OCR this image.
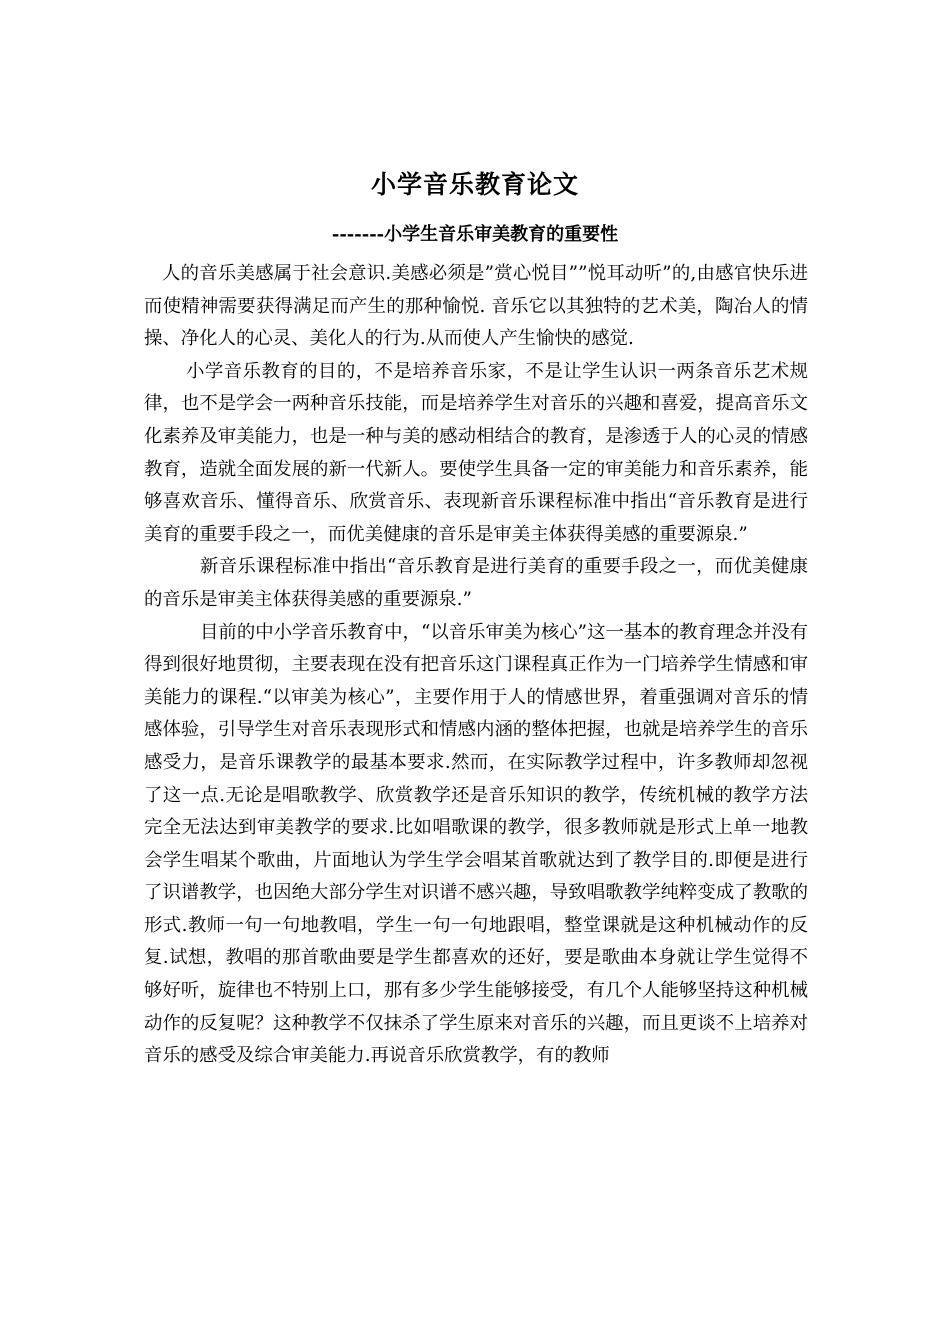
小学音乐教育论文
-------小学生音乐审美教育的重要性

人的音乐美感属于社会意识.美感必须是”赏心悦目””悦耳动听”的,由感官快乐进而使精神需要获得满足而产生的那种愉悦. 音乐它以其独特的艺术美，陶冶人的情操、净化人的心灵、美化人的行为.从而使人产生愉快的感觉.

小学音乐教育的目的，不是培养音乐家，不是让学生认识一两条音乐艺术规律，也不是学会一两种音乐技能，而是培养学生对音乐的兴趣和喜爱，提高音乐文化素养及审美能力，也是一种与美的感动相结合的教育，是渗透于人的心灵的情感教育，造就全面发展的新一代新人。要使学生具备一定的审美能力和音乐素养，能够喜欢音乐、懂得音乐、欣赏音乐、表现新音乐课程标准中指出“音乐教育是进行美育的重要手段之一，而优美健康的音乐是审美主体获得美感的重要源泉.”

新音乐课程标准中指出“音乐教育是进行美育的重要手段之一，而优美健康的音乐是审美主体获得美感的重要源泉.”

目前的中小学音乐教育中，“以音乐审美为核心”这一基本的教育理念并没有得到很好地贯彻，主要表现在没有把音乐这门课程真正作为一门培养学生情感和审美能力的课程.“以审美为核心”，主要作用于人的情感世界，着重强调对音乐的情感体验，引导学生对音乐表现形式和情感内涵的整体把握，也就是培养学生的音乐感受力，是音乐课教学的最基本要求.然而，在实际教学过程中，许多教师却忽视了这一点.无论是唱歌教学、欣赏教学还是音乐知识的教学，传统机械的教学方法完全无法达到审美教学的要求.比如唱歌课的教学，很多教师就是形式上单一地教会学生唱某个歌曲，片面地认为学生学会唱某首歌就达到了教学目的.即便是进行了识谱教学，也因绝大部分学生对识谱不感兴趣，导致唱歌教学纯粹变成了教歌的形式.教师一句一句地教唱，学生一句一句地跟唱，整堂课就是这种机械动作的反复.试想，教唱的那首歌曲要是学生都喜欢的还好，要是歌曲本身就让学生觉得不够好听，旋律也不特别上口，那有多少学生能够接受，有几个人能够坚持这种机械动作的反复呢？这种教学不仅抹杀了学生原来对音乐的兴趣，而且更谈不上培养对音乐的感受及综合审美能力.再说音乐欣赏教学，有的教师
